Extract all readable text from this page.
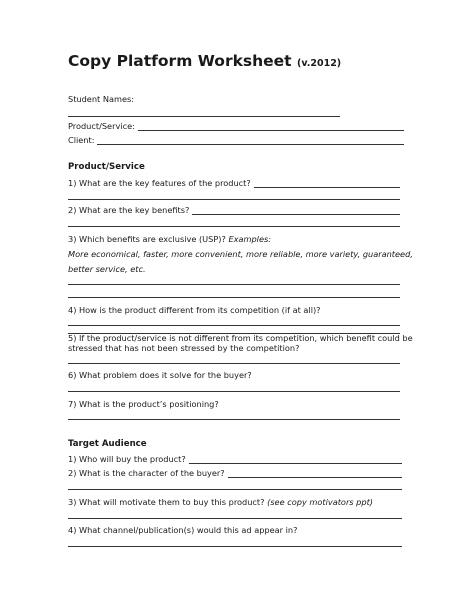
Copy Platform Worksheet (v.2012)
Student Names:
Product/Service:
Client:
Product/Service
1) What are the key features of the product?
2) What are the key benefits?
3) Which benefits are exclusive (USP)? Examples:
More economical, faster, more convenient, more reliable, more variety, guaranteed,
better service, etc.
4) How is the product different from its competition (if at all)?
5) If the product/service is not different from its competition, which benefit could be
stressed that has not been stressed by the competition?
6) What problem does it solve for the buyer?
7) What is the product’s positioning?
Target Audience
1) Who will buy the product?
2) What is the character of the buyer?
3) What will motivate them to buy this product? (see copy motivators ppt)
4) What channel/publication(s) would this ad appear in?
